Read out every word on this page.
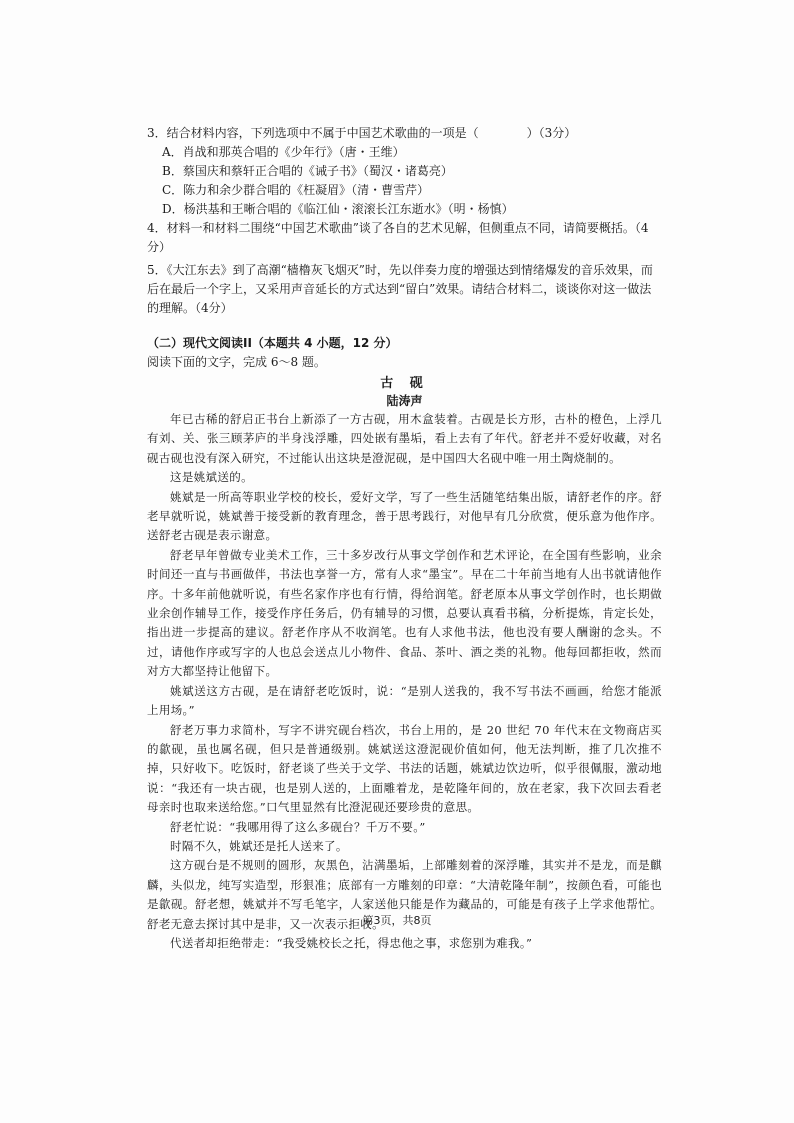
3．结合材料内容，下列选项中不属于中国艺术歌曲的一项是（　　　　）（3分）

A．肖战和那英合唱的《少年行》（唐・王维）

B．蔡国庆和蔡轩正合唱的《诫子书》（蜀汉・诸葛亮）

C．陈力和余少群合唱的《枉凝眉》（清・曹雪芹）

D．杨洪基和王晰合唱的《临江仙・滚滚长江东逝水》（明・杨慎）

4．材料一和材料二围绕“中国艺术歌曲”谈了各自的艺术见解，但侧重点不同，请简要概括。（4分）

5．《大江东去》到了高潮“樯橹灰飞烟灭”时，先以伴奏力度的增强达到情绪爆发的音乐效果，而后在最后一个字上，又采用声音延长的方式达到“留白”效果。请结合材料二，谈谈你对这一做法的理解。（4分）

（二）现代文阅读II（本题共 4 小题，12 分）
阅读下面的文字，完成 6～8 题。
古 砚
陆涛声

年已古稀的舒启正书台上新添了一方古砚，用木盒装着。古砚是长方形，古朴的橙色，上浮几有刘、关、张三顾茅庐的半身浅浮雕，四处嵌有墨垢，看上去有了年代。舒老并不爱好收藏，对名砚古砚也没有深入研究，不过能认出这块是澄泥砚，是中国四大名砚中唯一用土陶烧制的。

这是姚斌送的。

姚斌是一所高等职业学校的校长，爱好文学，写了一些生活随笔结集出版，请舒老作的序。舒老早就听说，姚斌善于接受新的教育理念，善于思考践行，对他早有几分欣赏，便乐意为他作序。送舒老古砚是表示谢意。

舒老早年曾做专业美术工作，三十多岁改行从事文学创作和艺术评论，在全国有些影响，业余时间还一直与书画做伴，书法也享誉一方，常有人求“墨宝”。早在二十年前当地有人出书就请他作序。十多年前他就听说，有些名家作序也有行情，得给润笔。舒老原本从事文学创作时，也长期做业余创作辅导工作，接受作序任务后，仍有辅导的习惯，总要认真看书稿，分析提炼，肯定长处，指出进一步提高的建议。舒老作序从不收润笔。也有人求他书法，他也没有要人酬谢的念头。不过，请他作序或写字的人也总会送点儿小物件、食品、茶叶、酒之类的礼物。他每回都拒收，然而对方大都坚持让他留下。

姚斌送这方古砚，是在请舒老吃饭时，说：“是别人送我的，我不写书法不画画，给您才能派上用场。”

舒老万事力求简朴，写字不讲究砚台档次，书台上用的，是 20 世纪 70 年代末在文物商店买的歙砚，虽也属名砚，但只是普通级别。姚斌送这澄泥砚价值如何，他无法判断，推了几次推不掉，只好收下。吃饭时，舒老谈了些关于文学、书法的话题，姚斌边饮边听，似乎很佩服，激动地说：“我还有一块古砚，也是别人送的，上面雕着龙，是乾隆年间的，放在老家，我下次回去看老母亲时也取来送给您。”口气里显然有比澄泥砚还要珍贵的意思。

舒老忙说：“我哪用得了这么多砚台？千万不要。”

时隔不久，姚斌还是托人送来了。

这方砚台是不规则的圆形，灰黑色，沾满墨垢，上部雕刻着的深浮雕，其实并不是龙，而是麒麟，头似龙，纯写实造型，形狠准；底部有一方雕刻的印章：“大清乾隆年制”，按颜色看，可能也是歙砚。舒老想，姚斌并不写毛笔字，人家送他只能是作为藏品的，可能是有孩子上学求他帮忙。舒老无意去探讨其中是非，又一次表示拒收。

代送者却拒绝带走：“我受姚校长之托，得忠他之事，求您别为难我。”

第3页，共8页
